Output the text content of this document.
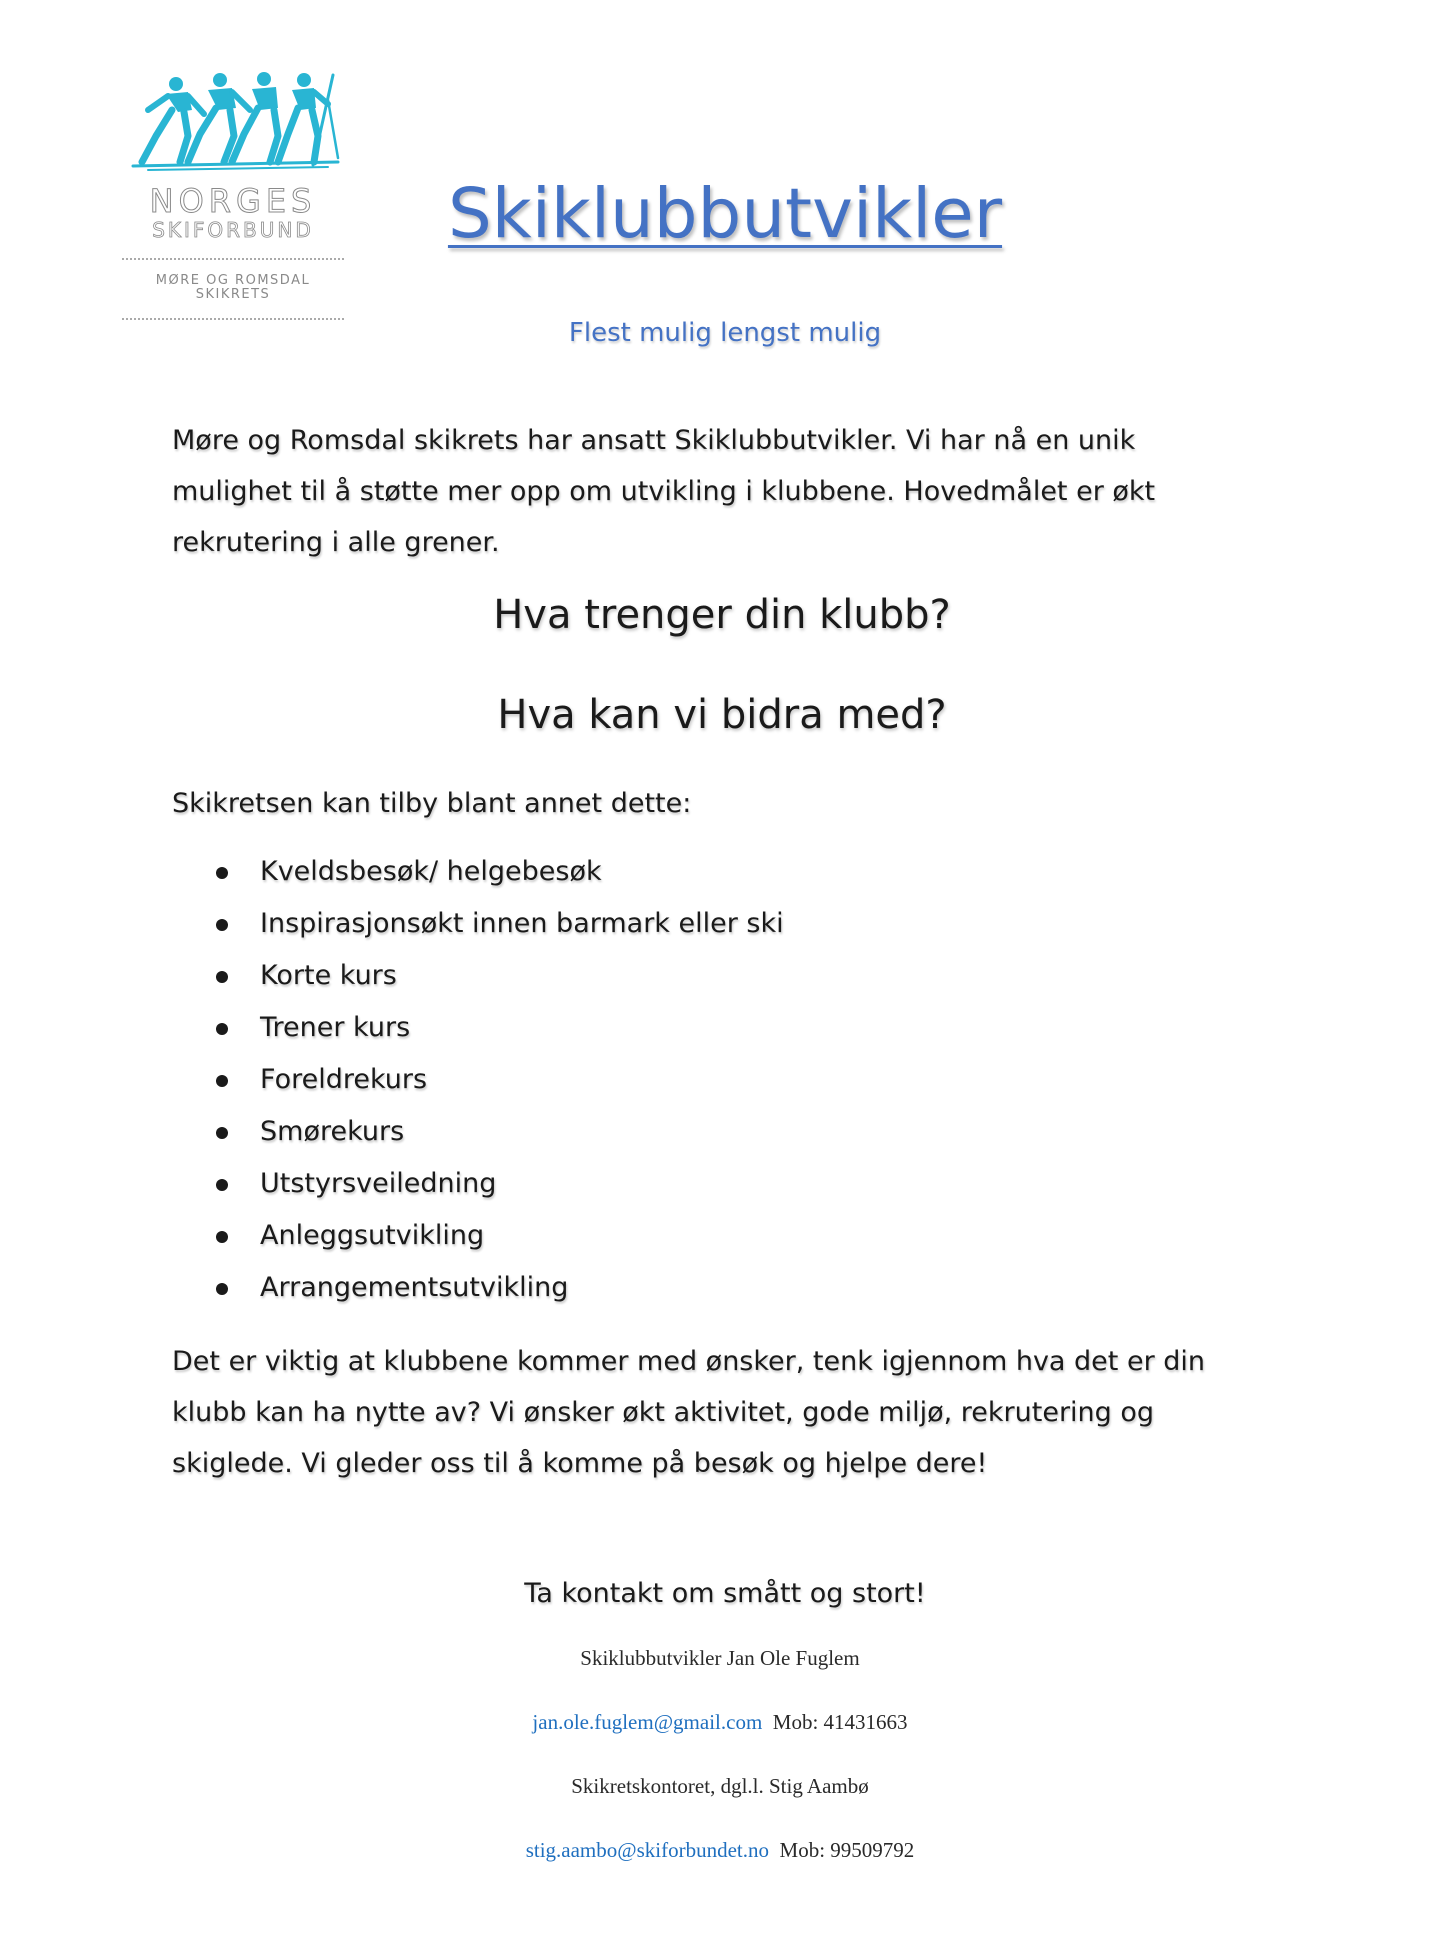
NORGES
SKIFORBUND
MØRE OG ROMSDAL
SKIKRETS
Skiklubbutvikler
Flest mulig lengst mulig
Møre og Romsdal skikrets har ansatt Skiklubbutvikler. Vi har nå en unik mulighet til å støtte mer opp om utvikling i klubbene. Hovedmålet er økt rekrutering i alle grener.
Hva trenger din klubb?
Hva kan vi bidra med?
Skikretsen kan tilby blant annet dette:
Kveldsbesøk/ helgebesøk
Inspirasjonsøkt innen barmark eller ski
Korte kurs
Trener kurs
Foreldrekurs
Smørekurs
Utstyrsveiledning
Anleggsutvikling
Arrangementsutvikling
Det er viktig at klubbene kommer med ønsker, tenk igjennom hva det er din klubb kan ha nytte av? Vi ønsker økt aktivitet, gode miljø, rekrutering og skiglede. Vi gleder oss til å komme på besøk og hjelpe dere!
Ta kontakt om smått og stort!
Skiklubbutvikler Jan Ole Fuglem
jan.ole.fuglem@gmail.com Mob: 41431663
Skikretskontoret, dgl.l. Stig Aambø
stig.aambo@skiforbundet.no Mob: 99509792
